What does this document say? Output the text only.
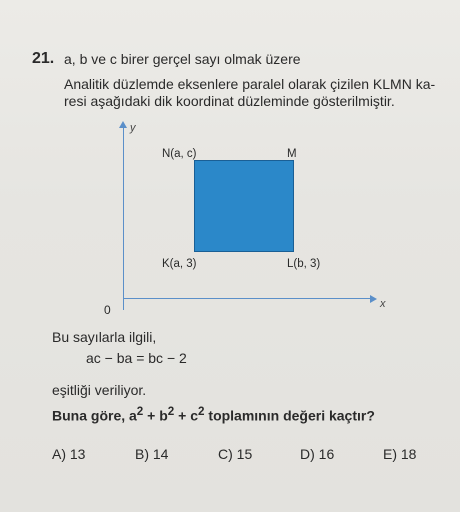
21. a, b ve c birer gerçel sayı olmak üzere
Analitik düzlemde eksenlere paralel olarak çizilen KLMN ka-
resi aşağıdaki dik koordinat düzleminde gösterilmiştir.
y
x
0
N(a, c)	M
K(a, 3)	L(b, 3)
Bu sayılarla ilgili,
ac − ba = bc − 2
eşitliği veriliyor.
Buna göre, $a^2 + b^2 + c^2$ toplamının değeri kaçtır?
A) 13	B) 14	C) 15	D) 16	E) 18
